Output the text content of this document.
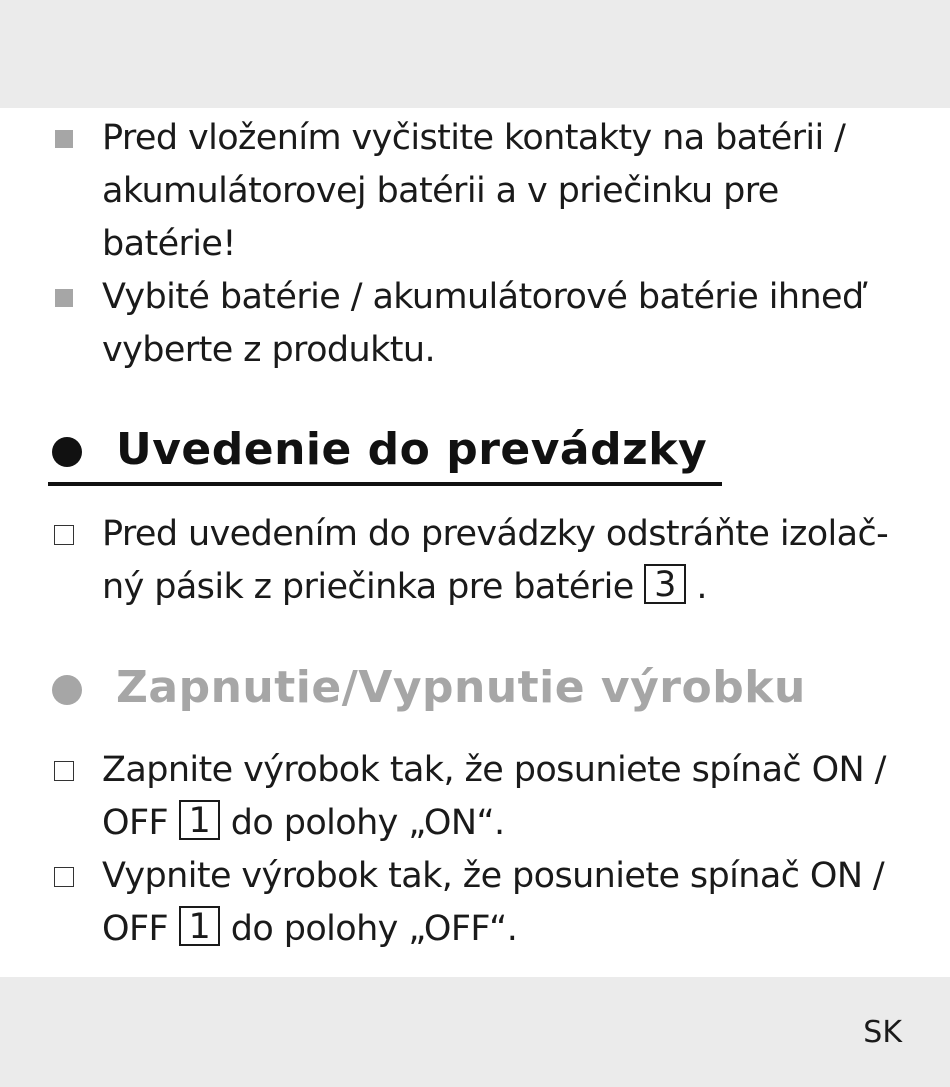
Pred vložením vyčistite kontakty na batérii / akumulátorovej batérii a v priečinku pre batérie!
Vybité batérie / akumulátorové batérie ihneď vyberte z produktu.
Uvedenie do prevádzky
Pred uvedením do prevádzky odstráňte izolač-ný pásik z priečinka pre batérie 3 .
Zapnutie/Vypnutie výrobku
Zapnite výrobok tak, že posuniete spínač ON / OFF 1 do polohy „ON“.
Vypnite výrobok tak, že posuniete spínač ON / OFF 1 do polohy „OFF“.
SK
